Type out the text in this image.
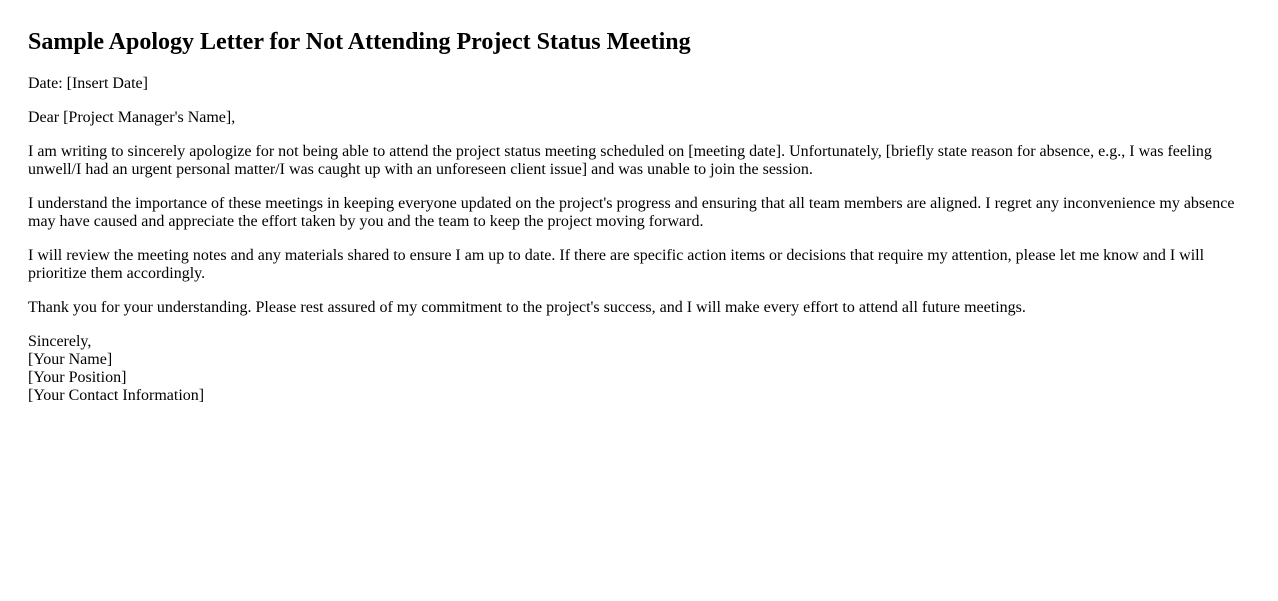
Sample Apology Letter for Not Attending Project Status Meeting

Date: [Insert Date]

Dear [Project Manager's Name],

I am writing to sincerely apologize for not being able to attend the project status meeting scheduled on [meeting date]. Unfortunately, [briefly state reason for absence, e.g., I was feeling unwell/I had an urgent personal matter/I was caught up with an unforeseen client issue] and was unable to join the session.

I understand the importance of these meetings in keeping everyone updated on the project's progress and ensuring that all team members are aligned. I regret any inconvenience my absence may have caused and appreciate the effort taken by you and the team to keep the project moving forward.

I will review the meeting notes and any materials shared to ensure I am up to date. If there are specific action items or decisions that require my attention, please let me know and I will prioritize them accordingly.

Thank you for your understanding. Please rest assured of my commitment to the project's success, and I will make every effort to attend all future meetings.

Sincerely,
[Your Name]
[Your Position]
[Your Contact Information]
